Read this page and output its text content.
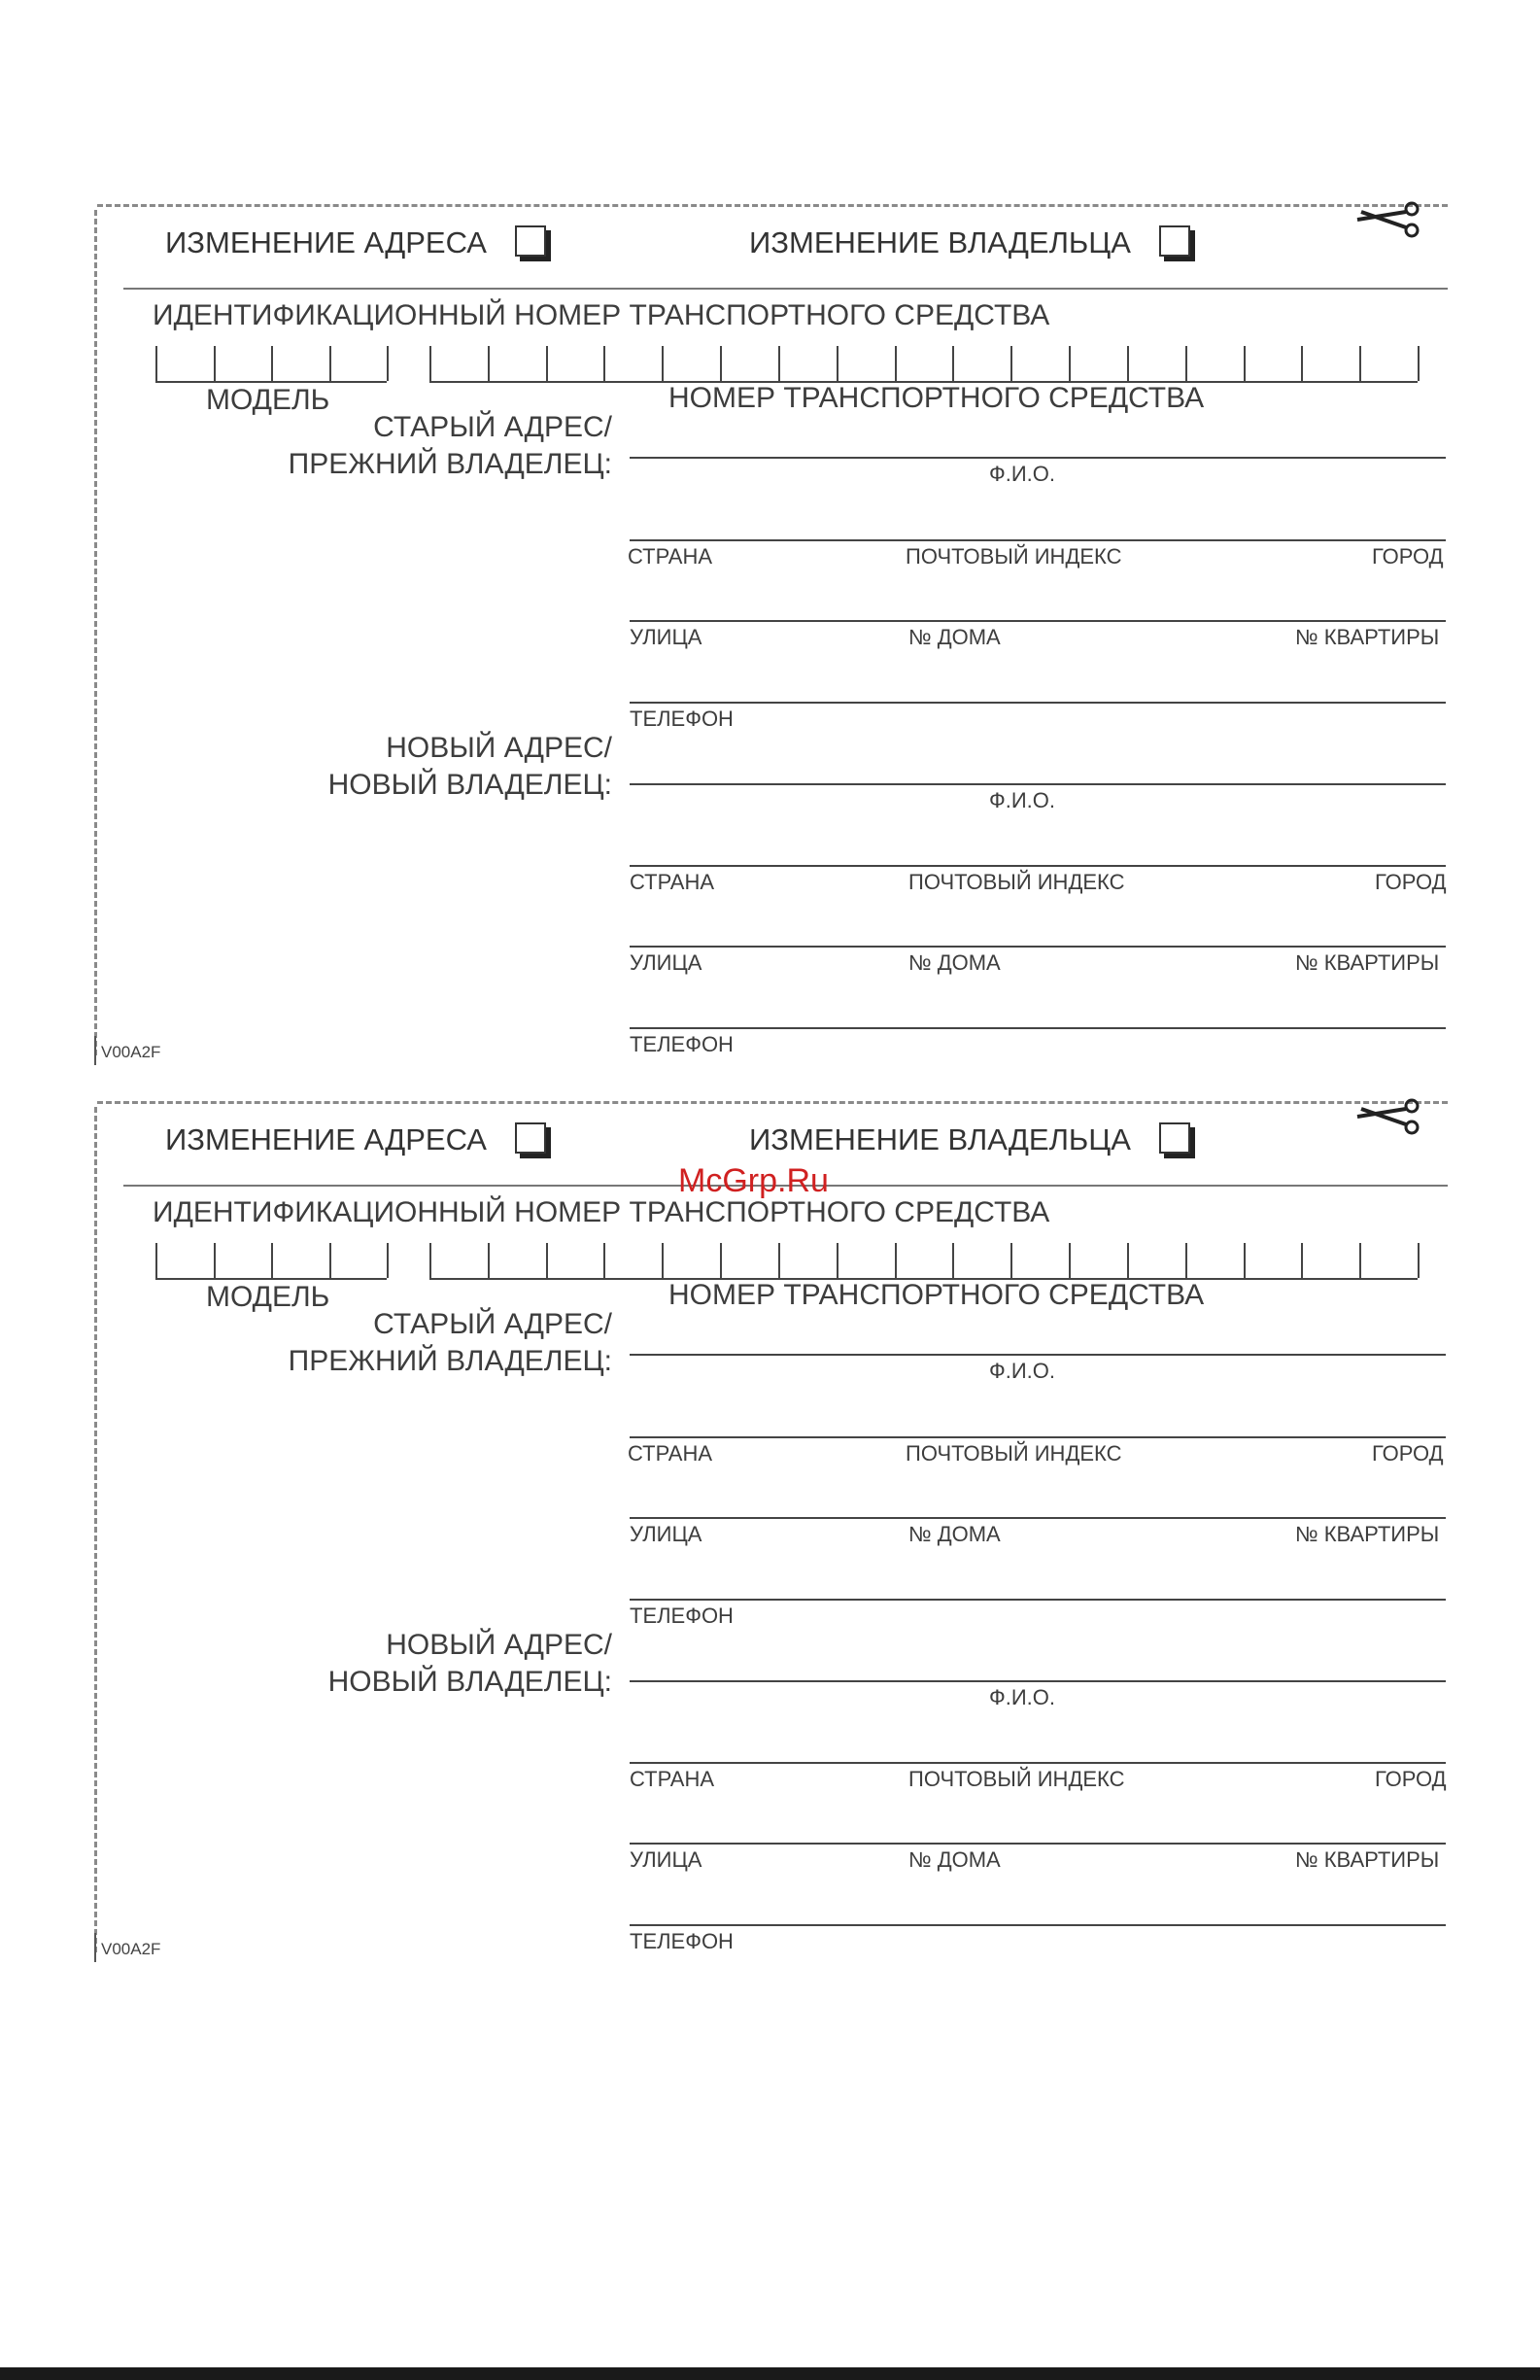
ИЗМЕНЕНИЕ АДРЕСА	ИЗМЕНЕНИЕ ВЛАДЕЛЬЦА
ИДЕНТИФИКАЦИОННЫЙ НОМЕР ТРАНСПОРТНОГО СРЕДСТВА
МОДЕЛЬ	НОМЕР ТРАНСПОРТНОГО СРЕДСТВА
СТАРЫЙ АДРЕС/
ПРЕЖНИЙ ВЛАДЕЛЕЦ:	Ф.И.О.
СТРАНА	ПОЧТОВЫЙ ИНДЕКС	ГОРОД
УЛИЦА	№ ДОМА	№ КВАРТИРЫ
ТЕЛЕФОН
НОВЫЙ АДРЕС/
НОВЫЙ ВЛАДЕЛЕЦ:	Ф.И.О.
СТРАНА	ПОЧТОВЫЙ ИНДЕКС	ГОРОД
УЛИЦА	№ ДОМА	№ КВАРТИРЫ
ТЕЛЕФОН
V00A2F
ИЗМЕНЕНИЕ АДРЕСА	ИЗМЕНЕНИЕ ВЛАДЕЛЬЦА
ИДЕНТИФИКАЦИОННЫЙ НОМЕР ТРАНСПОРТНОГО СРЕДСТВА
МОДЕЛЬ	НОМЕР ТРАНСПОРТНОГО СРЕДСТВА
СТАРЫЙ АДРЕС/
ПРЕЖНИЙ ВЛАДЕЛЕЦ:	Ф.И.О.
СТРАНА	ПОЧТОВЫЙ ИНДЕКС	ГОРОД
УЛИЦА	№ ДОМА	№ КВАРТИРЫ
ТЕЛЕФОН
НОВЫЙ АДРЕС/
НОВЫЙ ВЛАДЕЛЕЦ:	Ф.И.О.
СТРАНА	ПОЧТОВЫЙ ИНДЕКС	ГОРОД
УЛИЦА	№ ДОМА	№ КВАРТИРЫ
ТЕЛЕФОН
V00A2F
McGrp.Ru
